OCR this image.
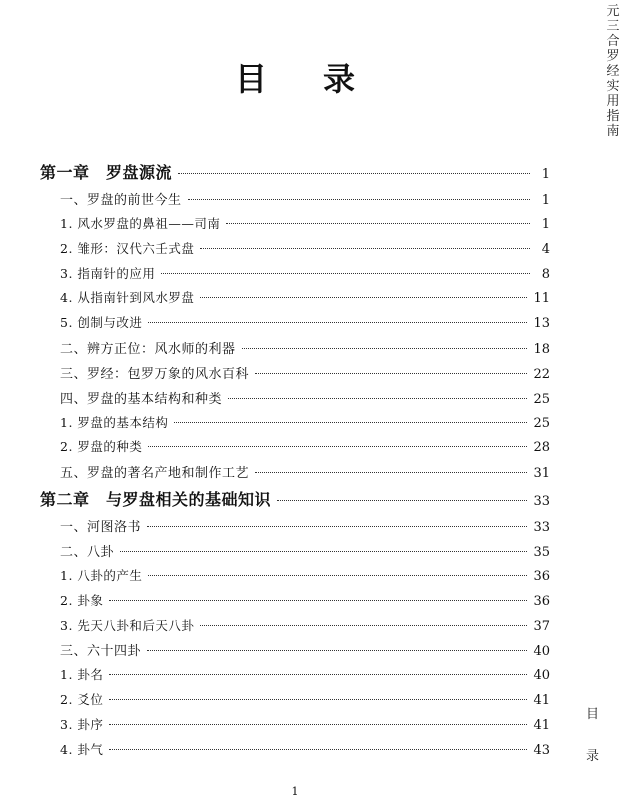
元三合罗经实用指南
目
录
目录
第一章　罗盘源流	1
一、罗盘的前世今生	1
1. 风水罗盘的鼻祖——司南	1
2. 雏形：汉代六壬式盘	4
3. 指南针的应用	8
4. 从指南针到风水罗盘	11
5. 创制与改进	13
二、辨方正位：风水师的利器	18
三、罗经：包罗万象的风水百科	22
四、罗盘的基本结构和种类	25
1. 罗盘的基本结构	25
2. 罗盘的种类	28
五、罗盘的著名产地和制作工艺	31
第二章　与罗盘相关的基础知识	33
一、河图洛书	33
二、八卦	35
1. 八卦的产生	36
2. 卦象	36
3. 先天八卦和后天八卦	37
三、六十四卦	40
1. 卦名	40
2. 爻位	41
3. 卦序	41
4. 卦气	43
1
